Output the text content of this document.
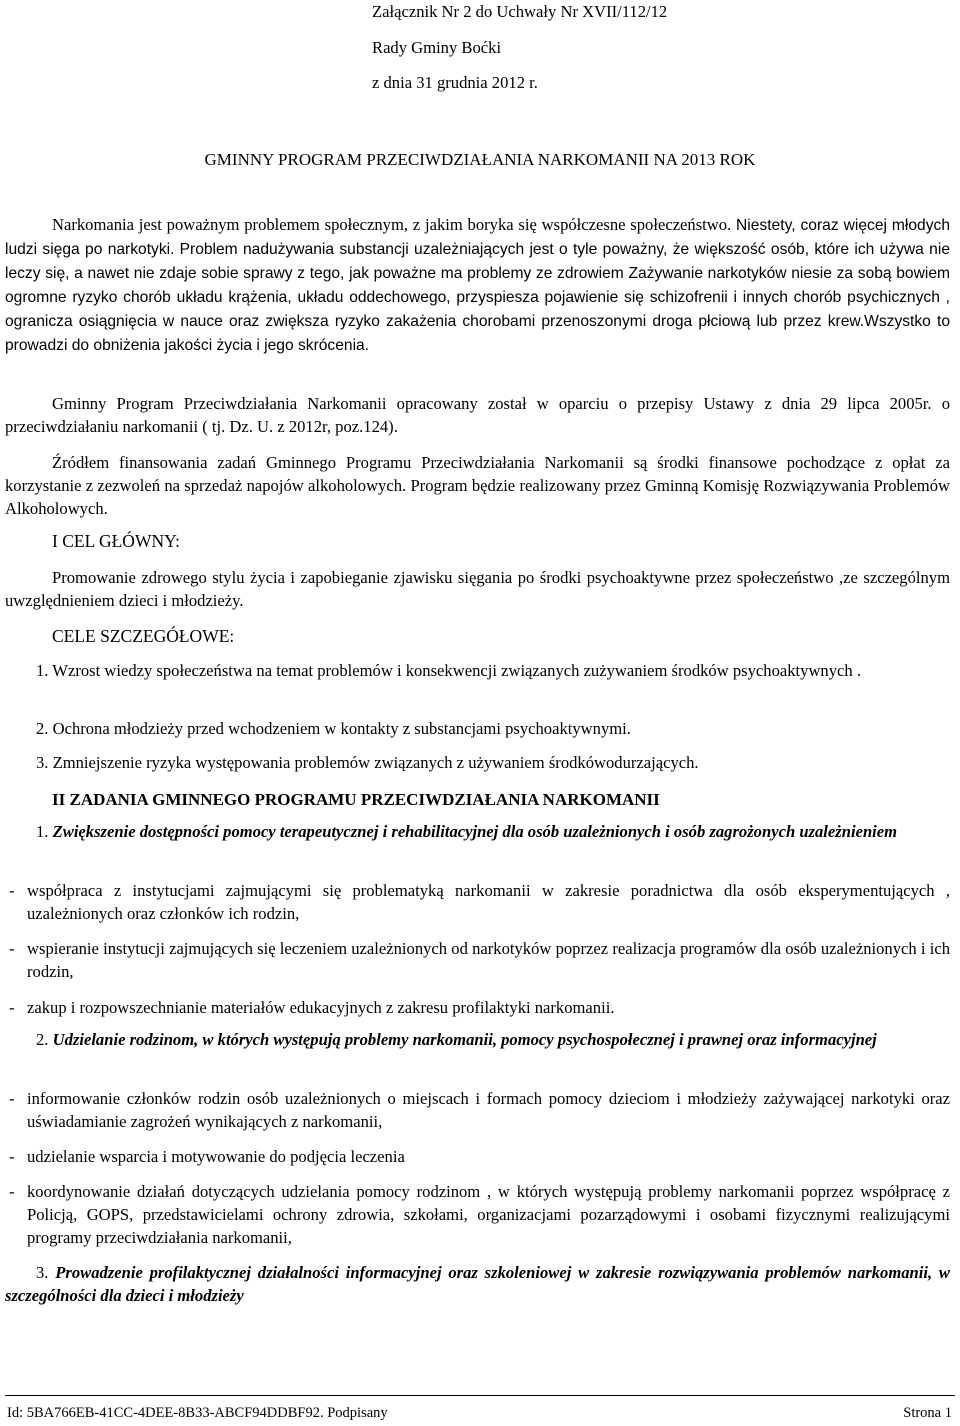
Załącznik Nr 2 do Uchwały Nr XVII/112/12
Rady Gminy Boćki
z dnia 31 grudnia 2012 r.
GMINNY PROGRAM PRZECIWDZIAŁANIA NARKOMANII NA 2013 ROK
Narkomania jest poważnym problemem społecznym, z jakim boryka się współczesne społeczeństwo. Niestety, coraz więcej młodych ludzi sięga po narkotyki. Problem nadużywania substancji uzależniających jest o tyle poważny, że większość osób, które ich używa nie leczy się, a nawet nie zdaje sobie sprawy z tego, jak poważne ma problemy ze zdrowiem Zażywanie narkotyków niesie za sobą bowiem ogromne ryzyko chorób układu krążenia, układu oddechowego, przyspiesza pojawienie się schizofrenii i innych chorób psychicznych , ogranicza osiągnięcia w nauce oraz zwiększa ryzyko zakażenia chorobami przenoszonymi droga płciową lub przez krew.Wszystko to prowadzi do obniżenia jakości życia i jego skrócenia.
Gminny Program Przeciwdziałania Narkomanii opracowany został w oparciu o przepisy Ustawy z dnia 29 lipca 2005r. o przeciwdziałaniu narkomanii ( tj. Dz. U. z 2012r, poz.124).
Źródłem finansowania zadań Gminnego Programu Przeciwdziałania Narkomanii są środki finansowe pochodzące z opłat za korzystanie z zezwoleń na sprzedaż napojów alkoholowych. Program będzie realizowany przez Gminną Komisję Rozwiązywania Problemów Alkoholowych.
I CEL GŁÓWNY:
Promowanie zdrowego stylu życia i zapobieganie zjawisku sięgania po środki psychoaktywne przez społeczeństwo ,ze szczególnym uwzględnieniem dzieci i młodzieży.
CELE SZCZEGÓŁOWE:
1. Wzrost wiedzy społeczeństwa na temat problemów i konsekwencji związanych zużywaniem środków psychoaktywnych .
2. Ochrona młodzieży przed wchodzeniem w kontakty z substancjami psychoaktywnymi.
3. Zmniejszenie ryzyka występowania problemów związanych z używaniem środkówodurzających.
II ZADANIA GMINNEGO PROGRAMU PRZECIWDZIAŁANIA NARKOMANII
1. Zwiększenie dostępności pomocy terapeutycznej i rehabilitacyjnej dla osób uzależnionych i osób zagrożonych uzależnieniem
- współpraca z instytucjami zajmującymi się problematyką narkomanii w zakresie poradnictwa dla osób eksperymentujących , uzależnionych oraz członków ich rodzin,
- wspieranie instytucji zajmujących się leczeniem uzależnionych od narkotyków poprzez realizacja programów dla osób uzależnionych i ich rodzin,
- zakup i rozpowszechnianie materiałów edukacyjnych z zakresu profilaktyki narkomanii.
2. Udzielanie rodzinom, w których występują problemy narkomanii, pomocy psychospołecznej i prawnej oraz informacyjnej
- informowanie członków rodzin osób uzależnionych o miejscach i formach pomocy dzieciom i młodzieży zażywającej narkotyki oraz uświadamianie zagrożeń wynikających z narkomanii,
- udzielanie wsparcia i motywowanie do podjęcia leczenia
- koordynowanie działań dotyczących udzielania pomocy rodzinom , w których występują problemy narkomanii poprzez współpracę z Policją, GOPS, przedstawicielami ochrony zdrowia, szkołami, organizacjami pozarządowymi i osobami fizycznymi realizującymi programy przeciwdziałania narkomanii,
3. Prowadzenie profilaktycznej działalności informacyjnej oraz szkoleniowej w zakresie rozwiązywania problemów narkomanii, w szczególności dla dzieci i młodzieży
Id: 5BA766EB-41CC-4DEE-8B33-ABCF94DDBF92. Podpisany	Strona 1
